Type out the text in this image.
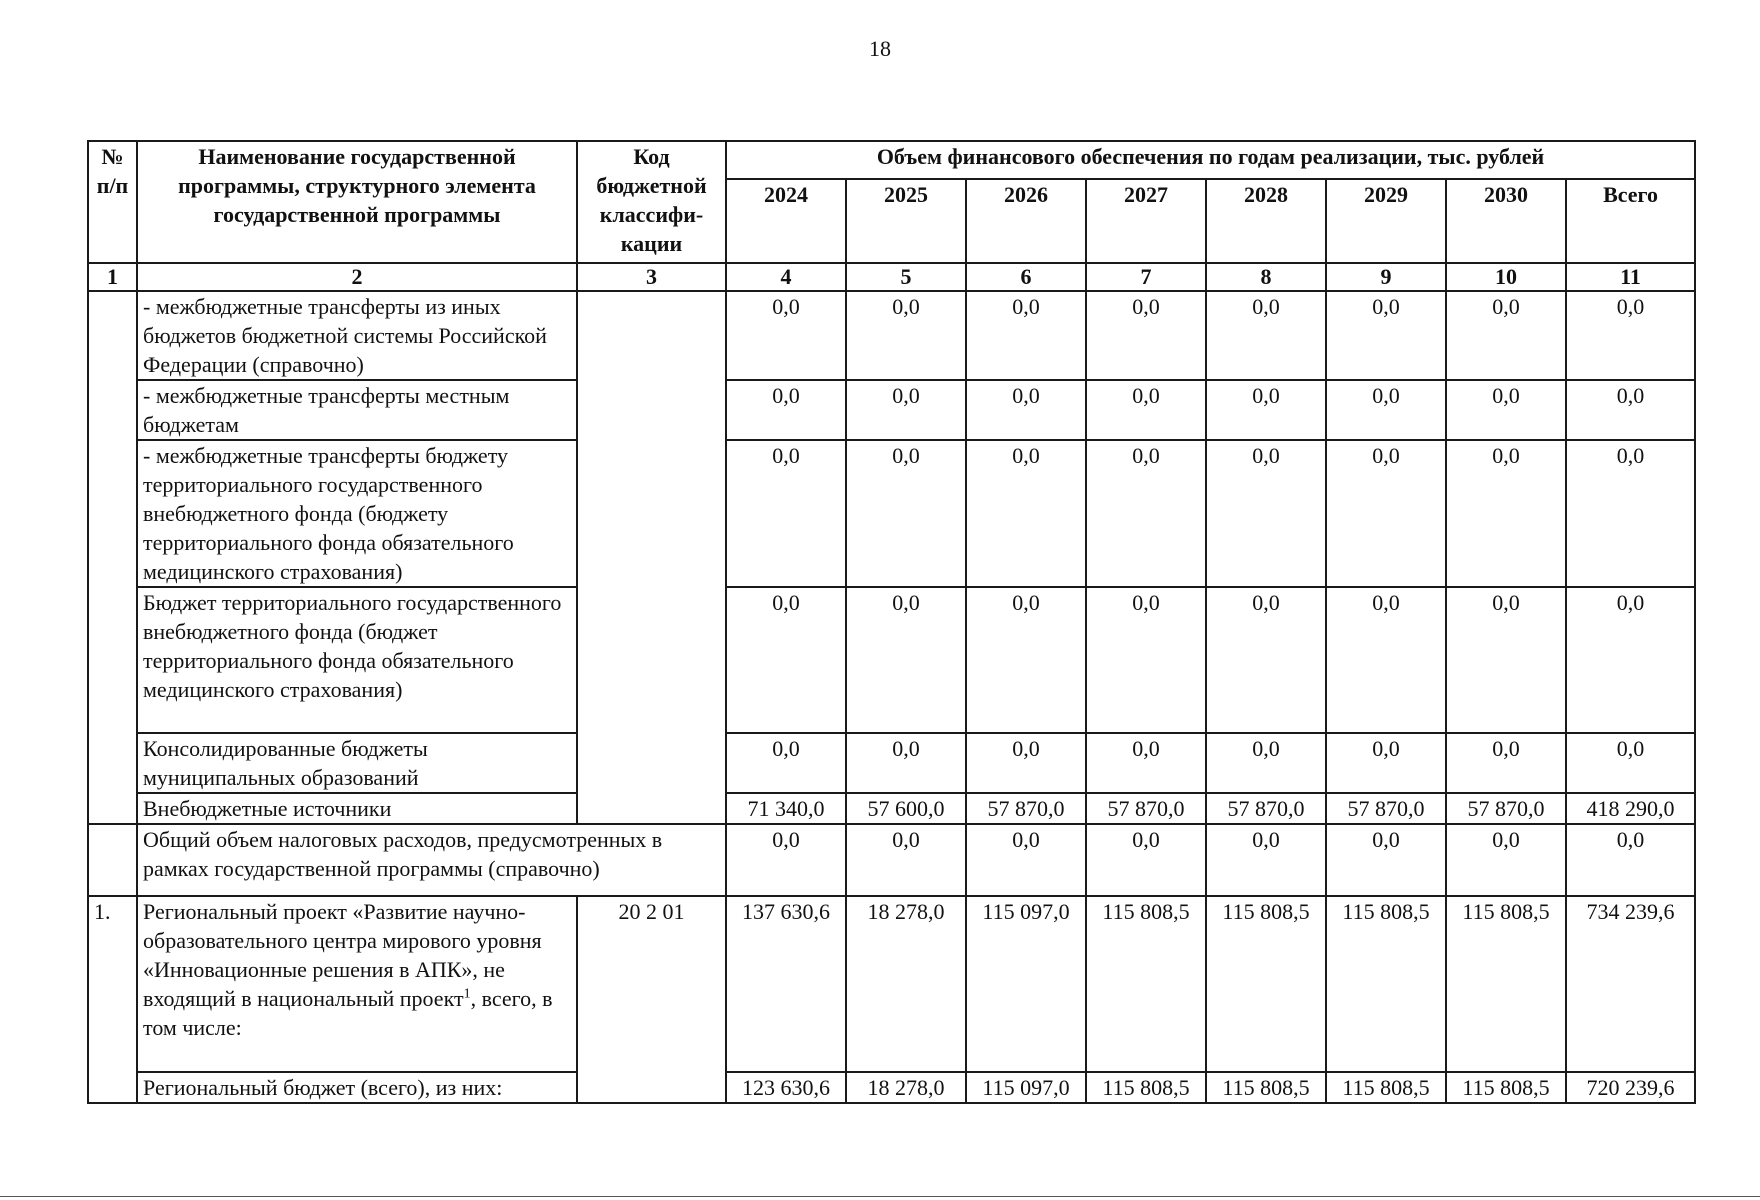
18
№ п/п	Наименование государственной программы, структурного элемента государственной программы	Код бюджетной классифи-кации	Объем финансового обеспечения по годам реализации, тыс. рублей							
			2024	2025	2026	2027	2028	2029	2030	Всего
1	2	3	4	5	6	7	8	9	10	11
	- межбюджетные трансферты из иных бюджетов бюджетной системы Российской Федерации (справочно)		0,0	0,0	0,0	0,0	0,0	0,0	0,0	0,0
	- межбюджетные трансферты местным бюджетам		0,0	0,0	0,0	0,0	0,0	0,0	0,0	0,0
	- межбюджетные трансферты бюджету территориального государственного внебюджетного фонда (бюджету территориального фонда обязательного медицинского страхования)		0,0	0,0	0,0	0,0	0,0	0,0	0,0	0,0
	Бюджет территориального государственного внебюджетного фонда (бюджет территориального фонда обязательного медицинского страхования)		0,0	0,0	0,0	0,0	0,0	0,0	0,0	0,0
	Консолидированные бюджеты муниципальных образований		0,0	0,0	0,0	0,0	0,0	0,0	0,0	0,0
	Внебюджетные источники		71 340,0	57 600,0	57 870,0	57 870,0	57 870,0	57 870,0	57 870,0	418 290,0
	Общий объем налоговых расходов, предусмотренных в рамках государственной программы (справочно)		0,0	0,0	0,0	0,0	0,0	0,0	0,0	0,0
1.	Региональный проект «Развитие научно-образовательного центра мирового уровня «Инновационные решения в АПК», не входящий в национальный проект$^1$, всего, в том числе:	20 2 01	137 630,6	18 278,0	115 097,0	115 808,5	115 808,5	115 808,5	115 808,5	734 239,6
	Региональный бюджет (всего), из них:		123 630,6	18 278,0	115 097,0	115 808,5	115 808,5	115 808,5	115 808,5	720 239,6
